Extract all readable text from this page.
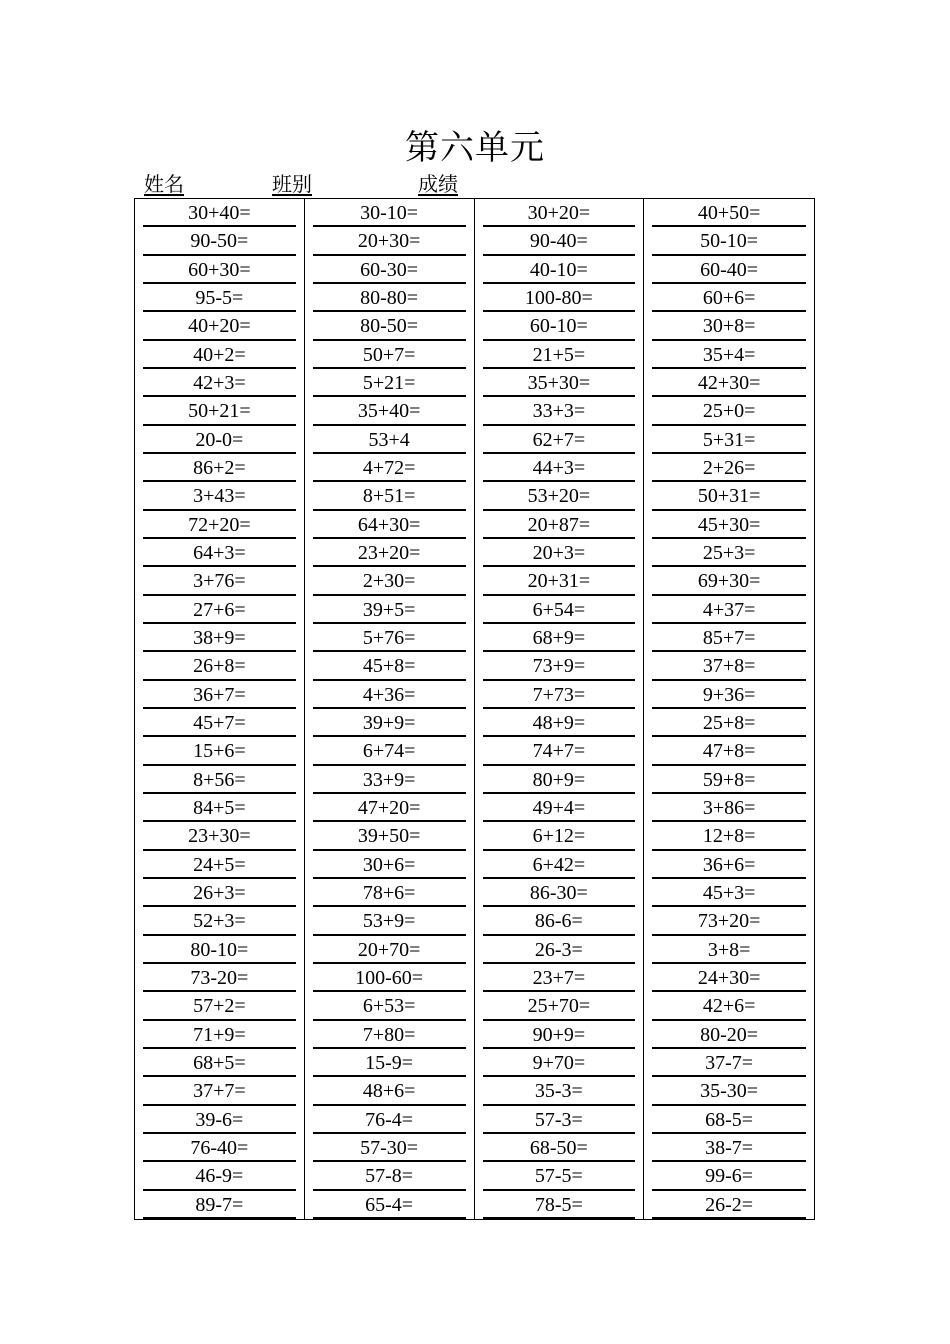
第六单元
姓名	班别	成绩
30+40=	30-10=	30+20=	40+50=
90-50=	20+30=	90-40=	50-10=
60+30=	60-30=	40-10=	60-40=
95-5=	80-80=	100-80=	60+6=
40+20=	80-50=	60-10=	30+8=
40+2=	50+7=	21+5=	35+4=
42+3=	5+21=	35+30=	42+30=
50+21=	35+40=	33+3=	25+0=
20-0=	53+4	62+7=	5+31=
86+2=	4+72=	44+3=	2+26=
3+43=	8+51=	53+20=	50+31=
72+20=	64+30=	20+87=	45+30=
64+3=	23+20=	20+3=	25+3=
3+76=	2+30=	20+31=	69+30=
27+6=	39+5=	6+54=	4+37=
38+9=	5+76=	68+9=	85+7=
26+8=	45+8=	73+9=	37+8=
36+7=	4+36=	7+73=	9+36=
45+7=	39+9=	48+9=	25+8=
15+6=	6+74=	74+7=	47+8=
8+56=	33+9=	80+9=	59+8=
84+5=	47+20=	49+4=	3+86=
23+30=	39+50=	6+12=	12+8=
24+5=	30+6=	6+42=	36+6=
26+3=	78+6=	86-30=	45+3=
52+3=	53+9=	86-6=	73+20=
80-10=	20+70=	26-3=	3+8=
73-20=	100-60=	23+7=	24+30=
57+2=	6+53=	25+70=	42+6=
71+9=	7+80=	90+9=	80-20=
68+5=	15-9=	9+70=	37-7=
37+7=	48+6=	35-3=	35-30=
39-6=	76-4=	57-3=	68-5=
76-40=	57-30=	68-50=	38-7=
46-9=	57-8=	57-5=	99-6=
89-7=	65-4=	78-5=	26-2=
